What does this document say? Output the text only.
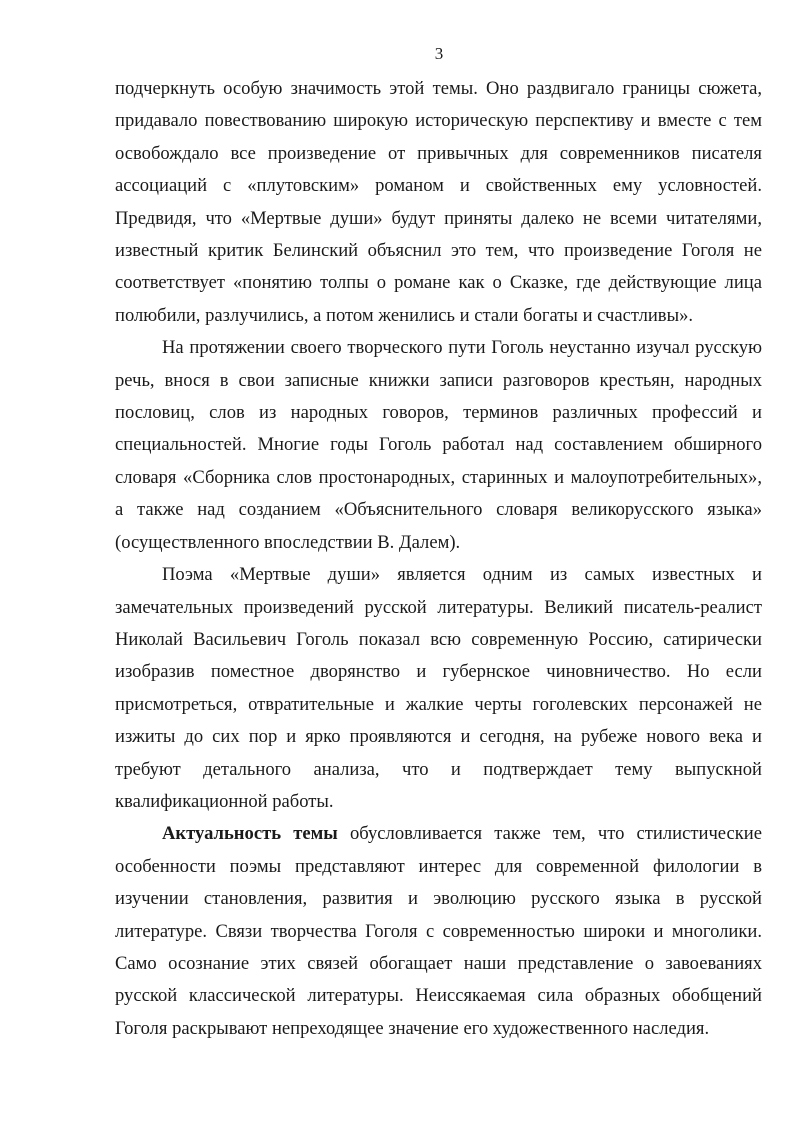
3

подчеркнуть особую значимость этой темы. Оно раздвигало границы сюжета, придавало повествованию широкую историческую перспективу и вместе с тем освобождало все произведение от привычных для современников писателя ассоциаций с «плутовским» романом и свойственных ему условностей. Предвидя, что «Мертвые души» будут приняты далеко не всеми читателями, известный критик Белинский объяснил это тем, что произведение Гоголя не соответствует «понятию толпы о романе как о Сказке, где действующие лица полюбили, разлучились, а потом женились и стали богаты и счастливы».

На протяжении своего творческого пути Гоголь неустанно изучал русскую речь, внося в свои записные книжки записи разговоров крестьян, народных пословиц, слов из народных говоров, терминов различных профессий и специальностей. Многие годы Гоголь работал над составлением обширного словаря «Сборника слов простонародных, старинных и малоупотребительных», а также над созданием «Объяснительного словаря великорусского языка» (осуществленного впоследствии В. Далем).

Поэма «Мертвые души» является одним из самых известных и замечательных произведений русской литературы. Великий писатель-реалист Николай Васильевич Гоголь показал всю современную Россию, сатирически изобразив поместное дворянство и губернское чиновничество. Но если присмотреться, отвратительные и жалкие черты гоголевских персонажей не изжиты до сих пор и ярко проявляются и сегодня, на рубеже нового века и требуют детального анализа, что и подтверждает тему выпускной квалификационной работы.

Актуальность темы обусловливается также тем, что стилистические особенности поэмы представляют интерес для современной филологии в изучении становления, развития и эволюцию русского языка в русской литературе. Связи творчества Гоголя с современностью широки и многолики. Само осознание этих связей обогащает наши представление о завоеваниях русской классической литературы. Неиссякаемая сила образных обобщений Гоголя раскрывают непреходящее значение его художественного наследия.
